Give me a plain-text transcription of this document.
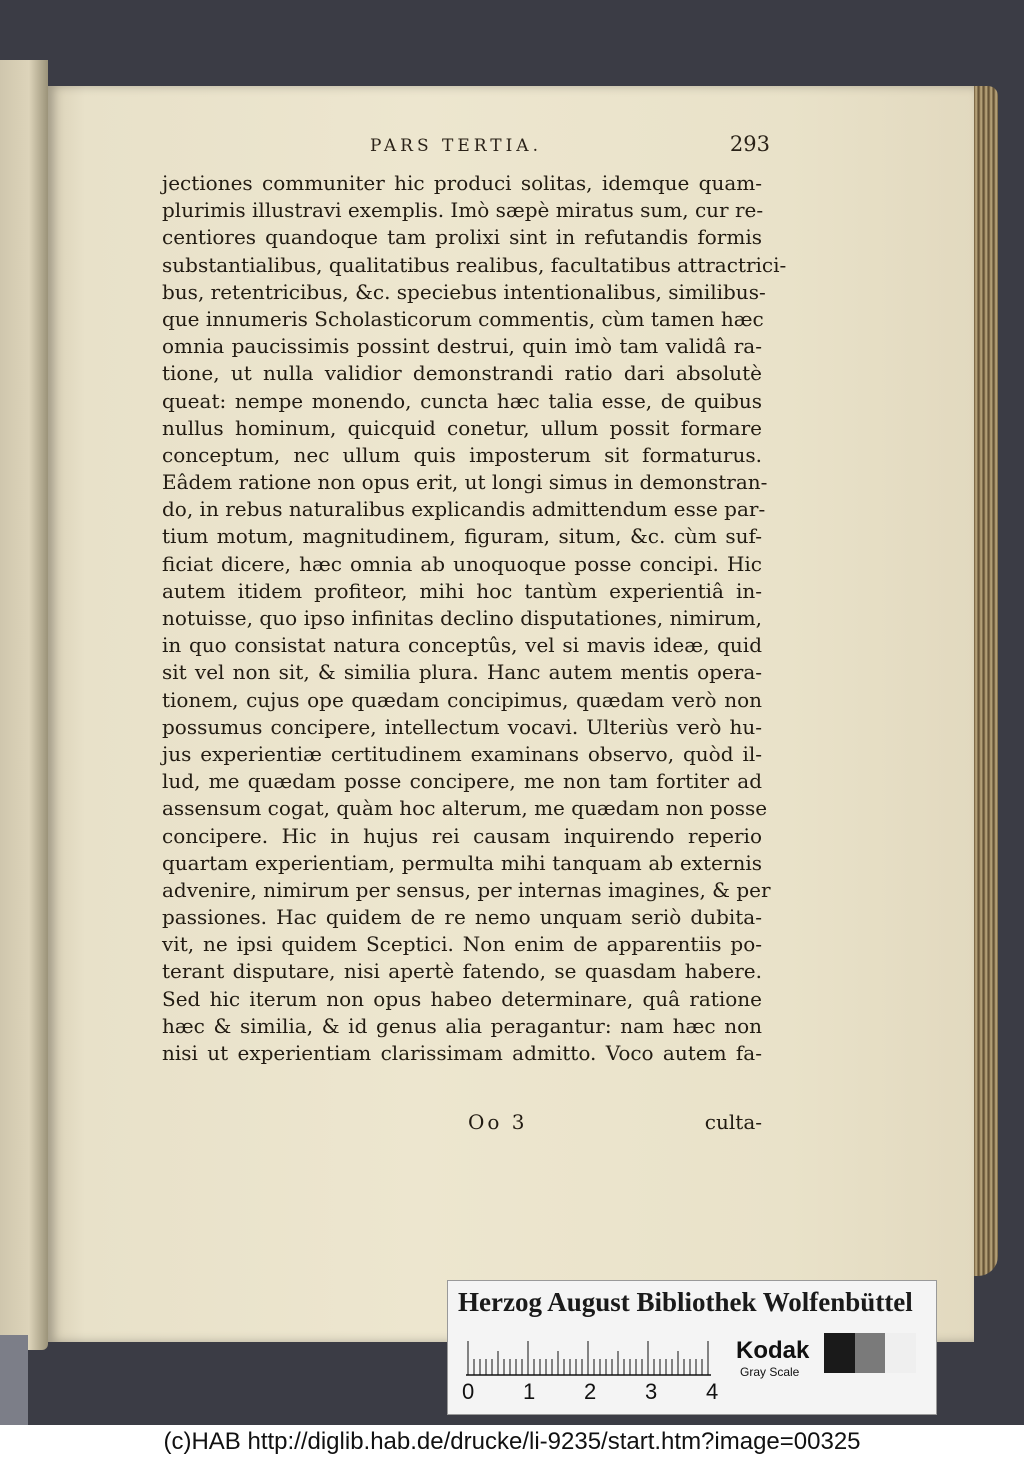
PARS TERTIA.	293
jectiones communiter hic produci solitas, idemque quam-
plurimis illustravi exemplis. Imò sæpè miratus sum, cur re-
centiores quandoque tam prolixi sint in refutandis formis
substantialibus, qualitatibus realibus, facultatibus attractrici-
bus, retentricibus, &c. speciebus intentionalibus, similibus-
que innumeris Scholasticorum commentis, cùm tamen hæc
omnia paucissimis possint destrui, quin imò tam validâ ra-
tione, ut nulla validior demonstrandi ratio dari absolutè
queat: nempe monendo, cuncta hæc talia esse, de quibus
nullus hominum, quicquid conetur, ullum possit formare
conceptum, nec ullum quis imposterum sit formaturus.
Eâdem ratione non opus erit, ut longi simus in demonstran-
do, in rebus naturalibus explicandis admittendum esse par-
tium motum, magnitudinem, figuram, situm, &c. cùm suf-
ficiat dicere, hæc omnia ab unoquoque posse concipi. Hic
autem itidem profiteor, mihi hoc tantùm experientiâ in-
notuisse, quo ipso infinitas declino disputationes, nimirum,
in quo consistat natura conceptûs, vel si mavis ideæ, quid
sit vel non sit, & similia plura. Hanc autem mentis opera-
tionem, cujus ope quædam concipimus, quædam verò non
possumus concipere, intellectum vocavi. Ulteriùs verò hu-
jus experientiæ certitudinem examinans observo, quòd il-
lud, me quædam posse concipere, me non tam fortiter ad
assensum cogat, quàm hoc alterum, me quædam non posse
concipere. Hic in hujus rei causam inquirendo reperio
quartam experientiam, permulta mihi tanquam ab externis
advenire, nimirum per sensus, per internas imagines, & per
passiones. Hac quidem de re nemo unquam seriò dubita-
vit, ne ipsi quidem Sceptici. Non enim de apparentiis po-
terant disputare, nisi apertè fatendo, se quasdam habere.
Sed hic iterum non opus habeo determinare, quâ ratione
hæc & similia, & id genus alia peragantur: nam hæc non
nisi ut experientiam clarissimam admitto. Voco autem fa-
Oo 3	culta-
Herzog August Bibliothek Wolfenbüttel
0 1 2 3 4
Kodak
Gray Scale
(c)HAB http://diglib.hab.de/drucke/li-9235/start.htm?image=00325
